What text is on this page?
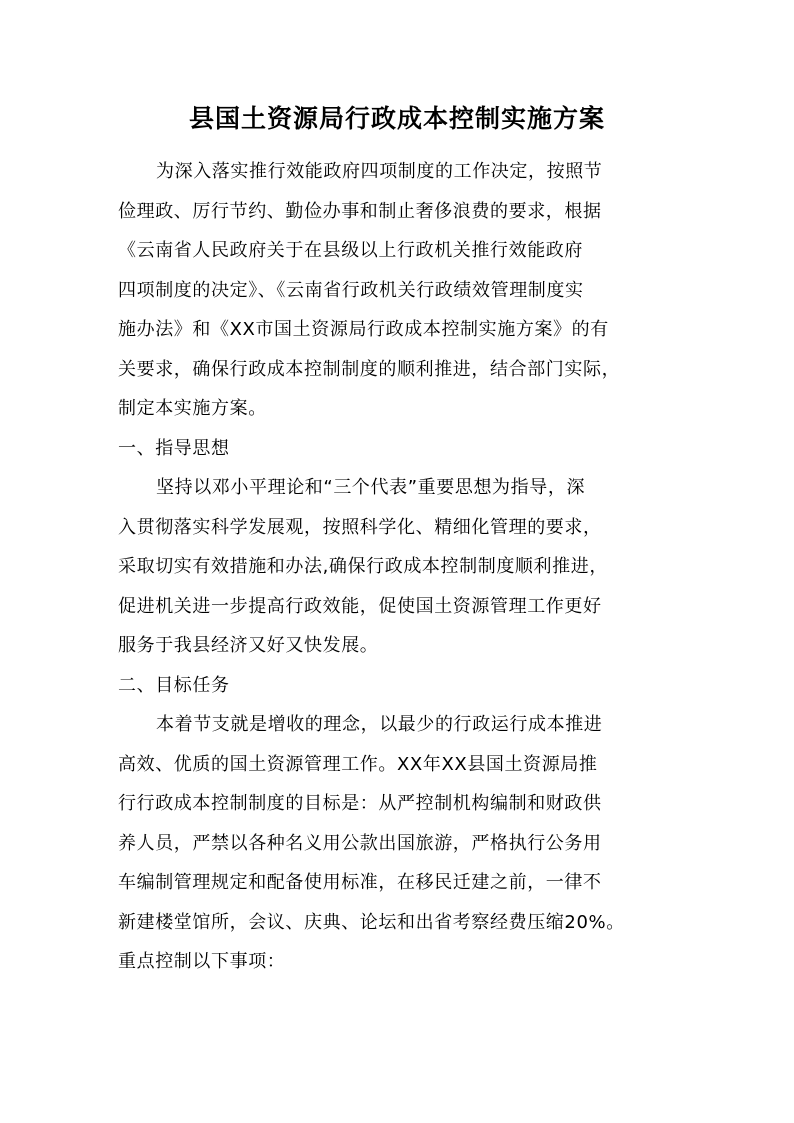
县国土资源局行政成本控制实施方案
为深入落实推行效能政府四项制度的工作决定，按照节
俭理政、厉行节约、勤俭办事和制止奢侈浪费的要求，根据
《云南省人民政府关于在县级以上行政机关推行效能政府
四项制度的决定》、《云南省行政机关行政绩效管理制度实
施办法》和《XX市国土资源局行政成本控制实施方案》的有
关要求，确保行政成本控制制度的顺利推进，结合部门实际，
制定本实施方案。
一、指导思想
坚持以邓小平理论和“三个代表”重要思想为指导，深
入贯彻落实科学发展观，按照科学化、精细化管理的要求，
采取切实有效措施和办法,确保行政成本控制制度顺利推进，
促进机关进一步提高行政效能，促使国土资源管理工作更好
服务于我县经济又好又快发展。
二、目标任务
本着节支就是增收的理念，以最少的行政运行成本推进
高效、优质的国土资源管理工作。XX年XX县国土资源局推
行行政成本控制制度的目标是：从严控制机构编制和财政供
养人员，严禁以各种名义用公款出国旅游，严格执行公务用
车编制管理规定和配备使用标准，在移民迁建之前，一律不
新建楼堂馆所，会议、庆典、论坛和出省考察经费压缩20%。
重点控制以下事项：
